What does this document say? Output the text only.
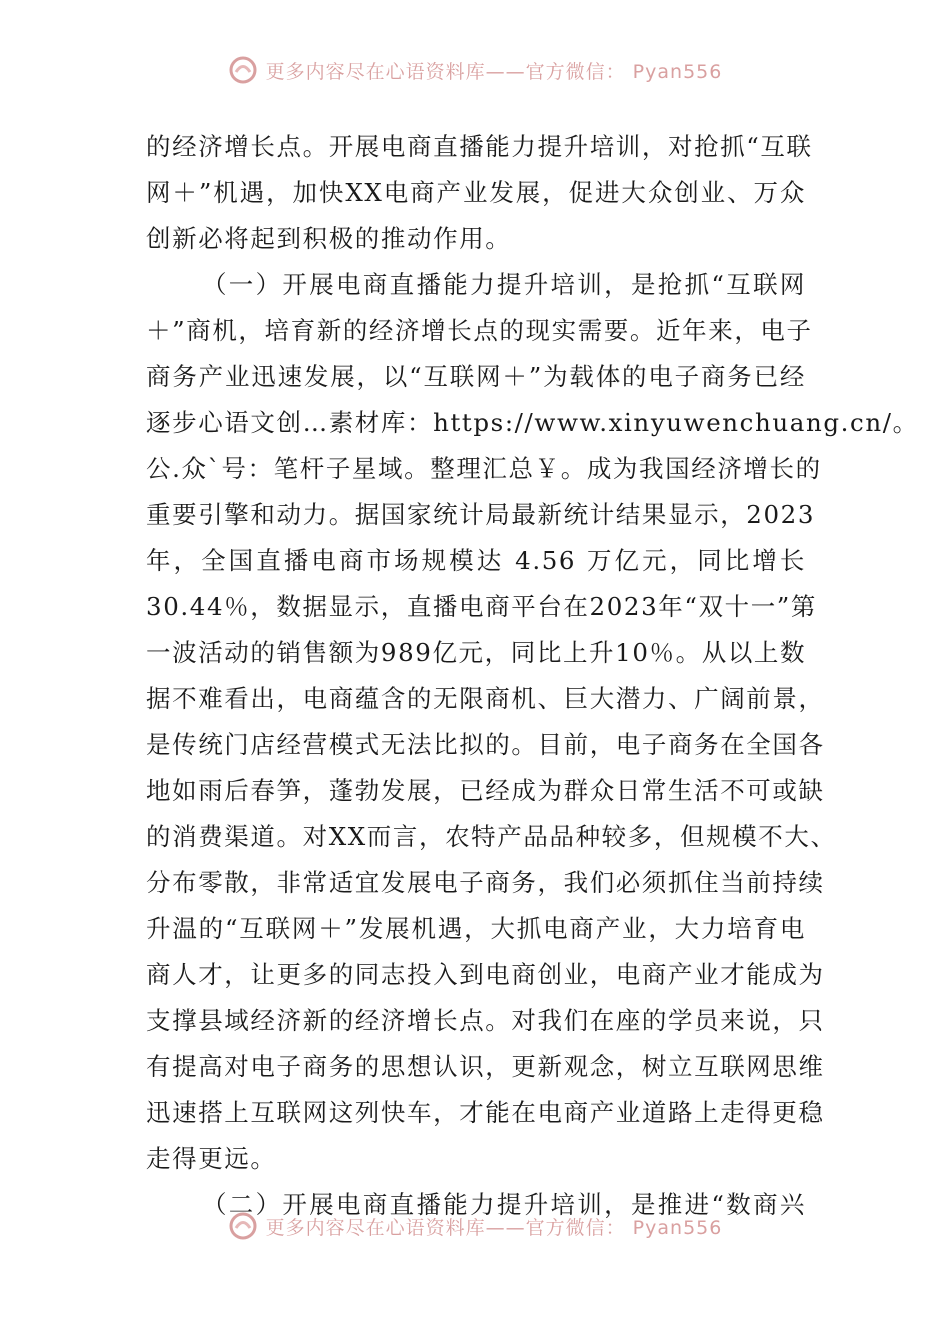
更多内容尽在心语资料库——官方微信： Pyan556
的经济增长点。开展电商直播能力提升培训，对抢抓“互联
网＋”机遇，加快XX电商产业发展，促进大众创业、万众
创新必将起到积极的推动作用。
（一）开展电商直播能力提升培训，是抢抓“互联网
＋”商机，培育新的经济增长点的现实需要。近年来，电子
商务产业迅速发展，以“互联网＋”为载体的电子商务已经
逐步心语文创…素材库：https://www.xinyuwenchuang.cn/。
公.众`号：笔杆子星域。整理汇总￥。成为我国经济增长的
重要引擎和动力。据国家统计局最新统计结果显示，2023
年，全国直播电商市场规模达 4.56 万亿元，同比增长
30.44％，数据显示，直播电商平台在2023年“双十一”第
一波活动的销售额为989亿元，同比上升10％。从以上数
据不难看出，电商蕴含的无限商机、巨大潜力、广阔前景，
是传统门店经营模式无法比拟的。目前，电子商务在全国各
地如雨后春笋，蓬勃发展，已经成为群众日常生活不可或缺
的消费渠道。对XX而言，农特产品品种较多，但规模不大、
分布零散，非常适宜发展电子商务，我们必须抓住当前持续
升温的“互联网＋”发展机遇，大抓电商产业，大力培育电
商人才，让更多的同志投入到电商创业，电商产业才能成为
支撑县域经济新的经济增长点。对我们在座的学员来说，只
有提高对电子商务的思想认识，更新观念，树立互联网思维
迅速搭上互联网这列快车，才能在电商产业道路上走得更稳
走得更远。
（二）开展电商直播能力提升培训，是推进“数商兴
更多内容尽在心语资料库——官方微信： Pyan556
